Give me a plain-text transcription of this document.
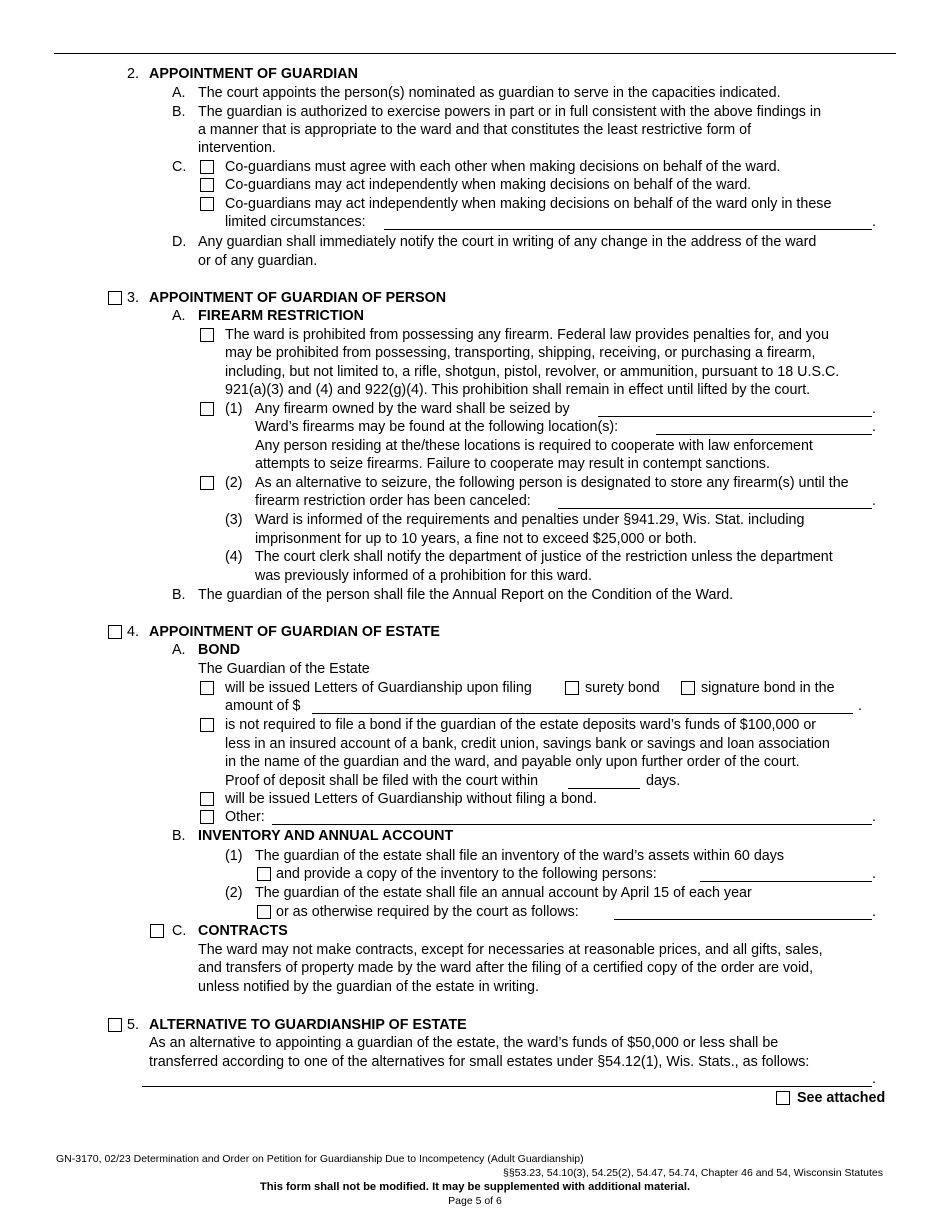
2. APPOINTMENT OF GUARDIAN
A. The court appoints the person(s) nominated as guardian to serve in the capacities indicated.
B. The guardian is authorized to exercise powers in part or in full consistent with the above findings in
a manner that is appropriate to the ward and that constitutes the least restrictive form of
intervention.
C.	Co-guardians must agree with each other when making decisions on behalf of the ward.
Co-guardians may act independently when making decisions on behalf of the ward.
Co-guardians may act independently when making decisions on behalf of the ward only in these
limited circumstances:	.
D. Any guardian shall immediately notify the court in writing of any change in the address of the ward
or of any guardian.
3. APPOINTMENT OF GUARDIAN OF PERSON
A. FIREARM RESTRICTION
The ward is prohibited from possessing any firearm. Federal law provides penalties for, and you
may be prohibited from possessing, transporting, shipping, receiving, or purchasing a firearm,
including, but not limited to, a rifle, shotgun, pistol, revolver, or ammunition, pursuant to 18 U.S.C.
921(a)(3) and (4) and 922(g)(4). This prohibition shall remain in effect until lifted by the court.
(1) Any firearm owned by the ward shall be seized by	.
Ward’s firearms may be found at the following location(s):	.
Any person residing at the/these locations is required to cooperate with law enforcement
attempts to seize firearms. Failure to cooperate may result in contempt sanctions.
(2) As an alternative to seizure, the following person is designated to store any firearm(s) until the
firearm restriction order has been canceled:	.
(3) Ward is informed of the requirements and penalties under §941.29, Wis. Stat. including
imprisonment for up to 10 years, a fine not to exceed $25,000 or both.
(4) The court clerk shall notify the department of justice of the restriction unless the department
was previously informed of a prohibition for this ward.
B. The guardian of the person shall file the Annual Report on the Condition of the Ward.
4. APPOINTMENT OF GUARDIAN OF ESTATE
A. BOND
The Guardian of the Estate
will be issued Letters of Guardianship upon filing	surety bond	signature bond in the
amount of $	.
is not required to file a bond if the guardian of the estate deposits ward’s funds of $100,000 or
less in an insured account of a bank, credit union, savings bank or savings and loan association
in the name of the guardian and the ward, and payable only upon further order of the court.
Proof of deposit shall be filed with the court within	days.
will be issued Letters of Guardianship without filing a bond.
Other:	.
B. INVENTORY AND ANNUAL ACCOUNT
(1) The guardian of the estate shall file an inventory of the ward’s assets within 60 days
and provide a copy of the inventory to the following persons:	.
(2) The guardian of the estate shall file an annual account by April 15 of each year
or as otherwise required by the court as follows:	.
C. CONTRACTS
The ward may not make contracts, except for necessaries at reasonable prices, and all gifts, sales,
and transfers of property made by the ward after the filing of a certified copy of the order are void,
unless notified by the guardian of the estate in writing.
5. ALTERNATIVE TO GUARDIANSHIP OF ESTATE
As an alternative to appointing a guardian of the estate, the ward’s funds of $50,000 or less shall be
transferred according to one of the alternatives for small estates under §54.12(1), Wis. Stats., as follows:
.
See attached
GN-3170, 02/23 Determination and Order on Petition for Guardianship Due to Incompetency (Adult Guardianship)
§§53.23, 54.10(3), 54.25(2), 54.47, 54.74, Chapter 46 and 54, Wisconsin Statutes
This form shall not be modified. It may be supplemented with additional material.
Page 5 of 6
